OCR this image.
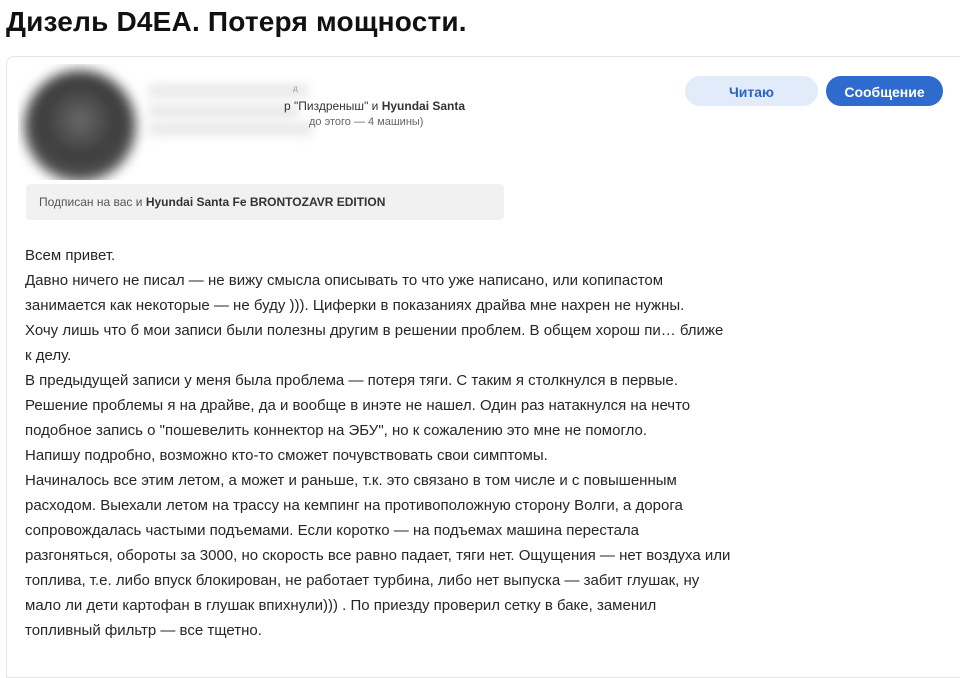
Дизель D4EA. Потеря мощности.
д
р "Пиздреныш" и Hyundai Santa
до этого — 4 машины)
Читаю	Сообщение
Подписан на вас и Hyundai Santa Fe BRONTOZAVR EDITION
Всем привет.
Давно ничего не писал — не вижу смысла описывать то что уже написано, или копипастом
занимается как некоторые — не буду ))). Циферки в показаниях драйва мне нахрен не нужны.
Хочу лишь что б мои записи были полезны другим в решении проблем. В общем хорош пи… ближе
к делу.
В предыдущей записи у меня была проблема — потеря тяги. С таким я столкнулся в первые.
Решение проблемы я на драйве, да и вообще в инэте не нашел. Один раз натакнулся на нечто
подобное запись о "пошевелить коннектор на ЭБУ", но к сожалению это мне не помогло.
Напишу подробно, возможно кто-то сможет почувствовать свои симптомы.
Начиналось все этим летом, а может и раньше, т.к. это связано в том числе и с повышенным
расходом. Выехали летом на трассу на кемпинг на противоположную сторону Волги, а дорога
сопровождалась частыми подъемами. Если коротко — на подъемах машина перестала
разгоняться, обороты за 3000, но скорость все равно падает, тяги нет. Ощущения — нет воздуха или
топлива, т.е. либо впуск блокирован, не работает турбина, либо нет выпуска — забит глушак, ну
мало ли дети картофан в глушак впихнули))) . По приезду проверил сетку в баке, заменил
топливный фильтр — все тщетно.
